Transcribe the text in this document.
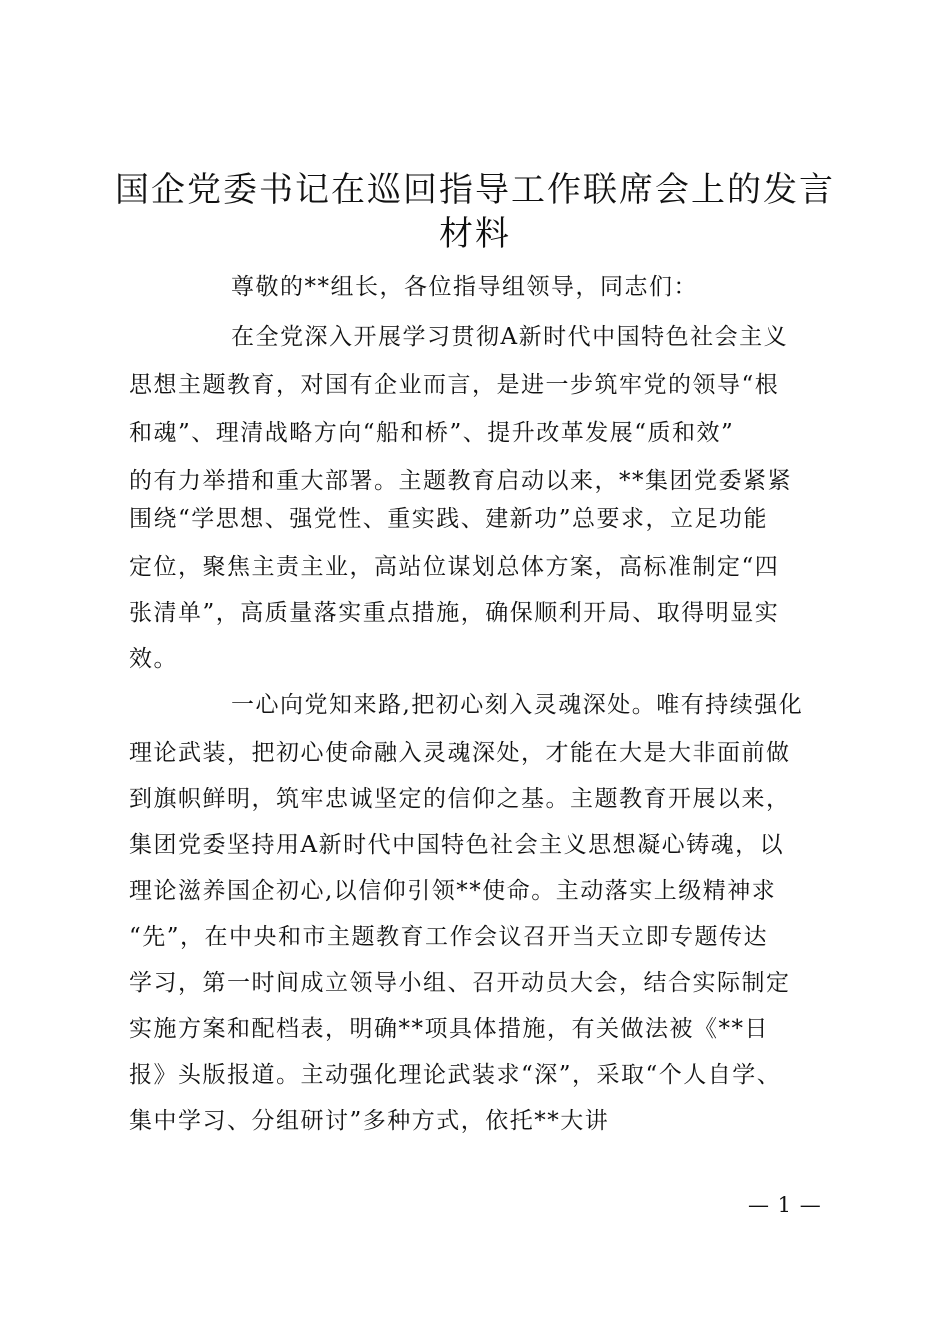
国企党委书记在巡回指导工作联席会上的发言
材料
尊敬的**组长，各位指导组领导，同志们：
在全党深入开展学习贯彻A新时代中国特色社会主义
思想主题教育，对国有企业而言，是进一步筑牢党的领导“根
和魂”、理清战略方向“船和桥”、提升改革发展“质和效”
的有力举措和重大部署。主题教育启动以来，**集团党委紧紧
围绕“学思想、强党性、重实践、建新功”总要求，立足功能
定位，聚焦主责主业，高站位谋划总体方案，高标准制定“四
张清单”，高质量落实重点措施，确保顺利开局、取得明显实
效。
一心向党知来路,把初心刻入灵魂深处。唯有持续强化
理论武装，把初心使命融入灵魂深处，才能在大是大非面前做
到旗帜鲜明，筑牢忠诚坚定的信仰之基。主题教育开展以来，
集团党委坚持用A新时代中国特色社会主义思想凝心铸魂，以
理论滋养国企初心,以信仰引领**使命。主动落实上级精神求
“先”，在中央和市主题教育工作会议召开当天立即专题传达
学习，第一时间成立领导小组、召开动员大会，结合实际制定
实施方案和配档表，明确**项具体措施，有关做法被《**日
报》头版报道。主动强化理论武装求“深”，采取“个人自学、
集中学习、分组研讨”多种方式，依托**大讲
— 1 —
